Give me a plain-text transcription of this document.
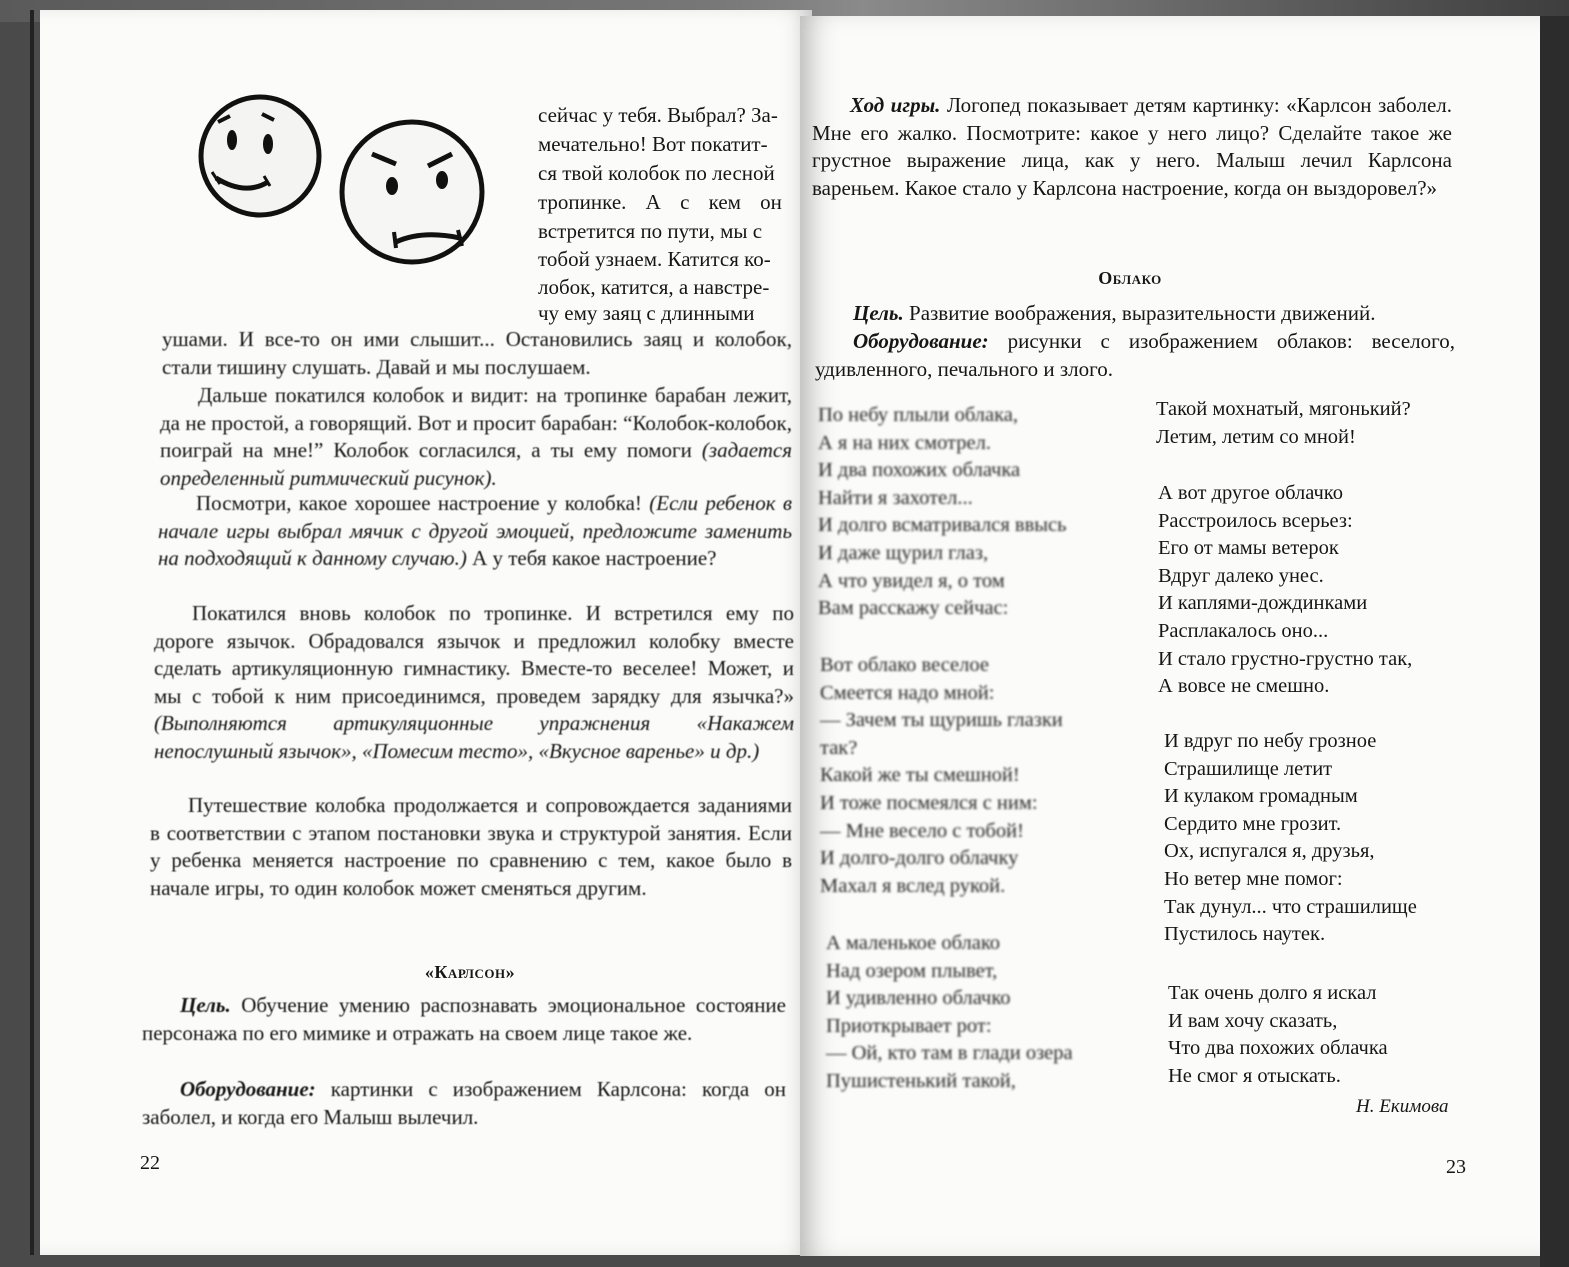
сейчас у тебя. Выбрал? За-

мечательно! Вот покатит-

ся твой колобок по лесной

тропинке. А с кем он

встретится по пути, мы с

тобой узнаем. Катится ко-

лобок, катится, а навстре-

чу ему заяц с длинными

ушами. И все-то он ими слышит... Остановились заяц и колобок, стали тишину слушать. Давай и мы послушаем.

Дальше покатился колобок и видит: на тропинке барабан лежит, да не простой, а говорящий. Вот и просит барабан: “Колобок-колобок, поиграй на мне!” Колобок согласился, а ты ему помоги (задается определенный ритмический рисунок).

Посмотри, какое хорошее настроение у колобка! (Если ребенок в начале игры выбрал мячик с другой эмоцией, предложите заменить на подходящий к данному случаю.) А у тебя какое настроение?

Покатился вновь колобок по тропинке. И встретился ему по дороге язычок. Обрадовался язычок и предложил колобку вместе сделать артикуляционную гимнастику. Вместе-то веселее! Может, и мы с тобой к ним присоединимся, проведем зарядку для язычка?» (Выполняются артикуляционные упражнения «Накажем непослушный язычок», «Помесим тесто», «Вкусное варенье» и др.)

Путешествие колобка продолжается и сопровождается заданиями в соответствии с этапом постановки звука и структурой занятия. Если у ребенка меняется настроение по сравнению с тем, какое было в начале игры, то один колобок может сменяться другим.

«Карлсон»

Цель. Обучение умению распознавать эмоциональное состояние персонажа по его мимике и отражать на своем лице такое же.

Оборудование: картинки с изображением Карлсона: когда он заболел, и когда его Малыш вылечил.

22

Ход игры. Логопед показывает детям картинку: «Карлсон заболел. Мне его жалко. Посмотрите: какое у него лицо? Сделайте такое же грустное выражение лица, как у него. Малыш лечил Карлсона вареньем. Какое стало у Карлсона настроение, когда он выздоровел?»

Облако

Цель. Развитие воображения, выразительности движений.

Оборудование: рисунки с изображением облаков: веселого, удивленного, печального и злого.

По небу плыли облака,
А я на них смотрел.
И два похожих облачка
Найти я захотел...
И долго всматривался ввысь
И даже щурил глаз,
А что увидел я, о том
Вам расскажу сейчас:

Вот облако веселое
Смеется надо мной:
— Зачем ты щуришь глазки
так?
Какой же ты смешной!
И тоже посмеялся с ним:
— Мне весело с тобой!
И долго-долго облачку
Махал я вслед рукой.

А маленькое облако
Над озером плывет,
И удивленно облачко
Приоткрывает рот:
— Ой, кто там в глади озера
Пушистенький такой,

Такой мохнатый, мягонький?
Летим, летим со мной!

А вот другое облачко
Расстроилось всерьез:
Его от мамы ветерок
Вдруг далеко унес.
И каплями-дождинками
Расплакалось оно...
И стало грустно-грустно так,
А вовсе не смешно.

И вдруг по небу грозное
Страшилище летит
И кулаком громадным
Сердито мне грозит.
Ох, испугался я, друзья,
Но ветер мне помог:
Так дунул... что страшилище
Пустилось наутек.

Так очень долго я искал
И вам хочу сказать,
Что два похожих облачка
Не смог я отыскать.

Н. Екимова

23
